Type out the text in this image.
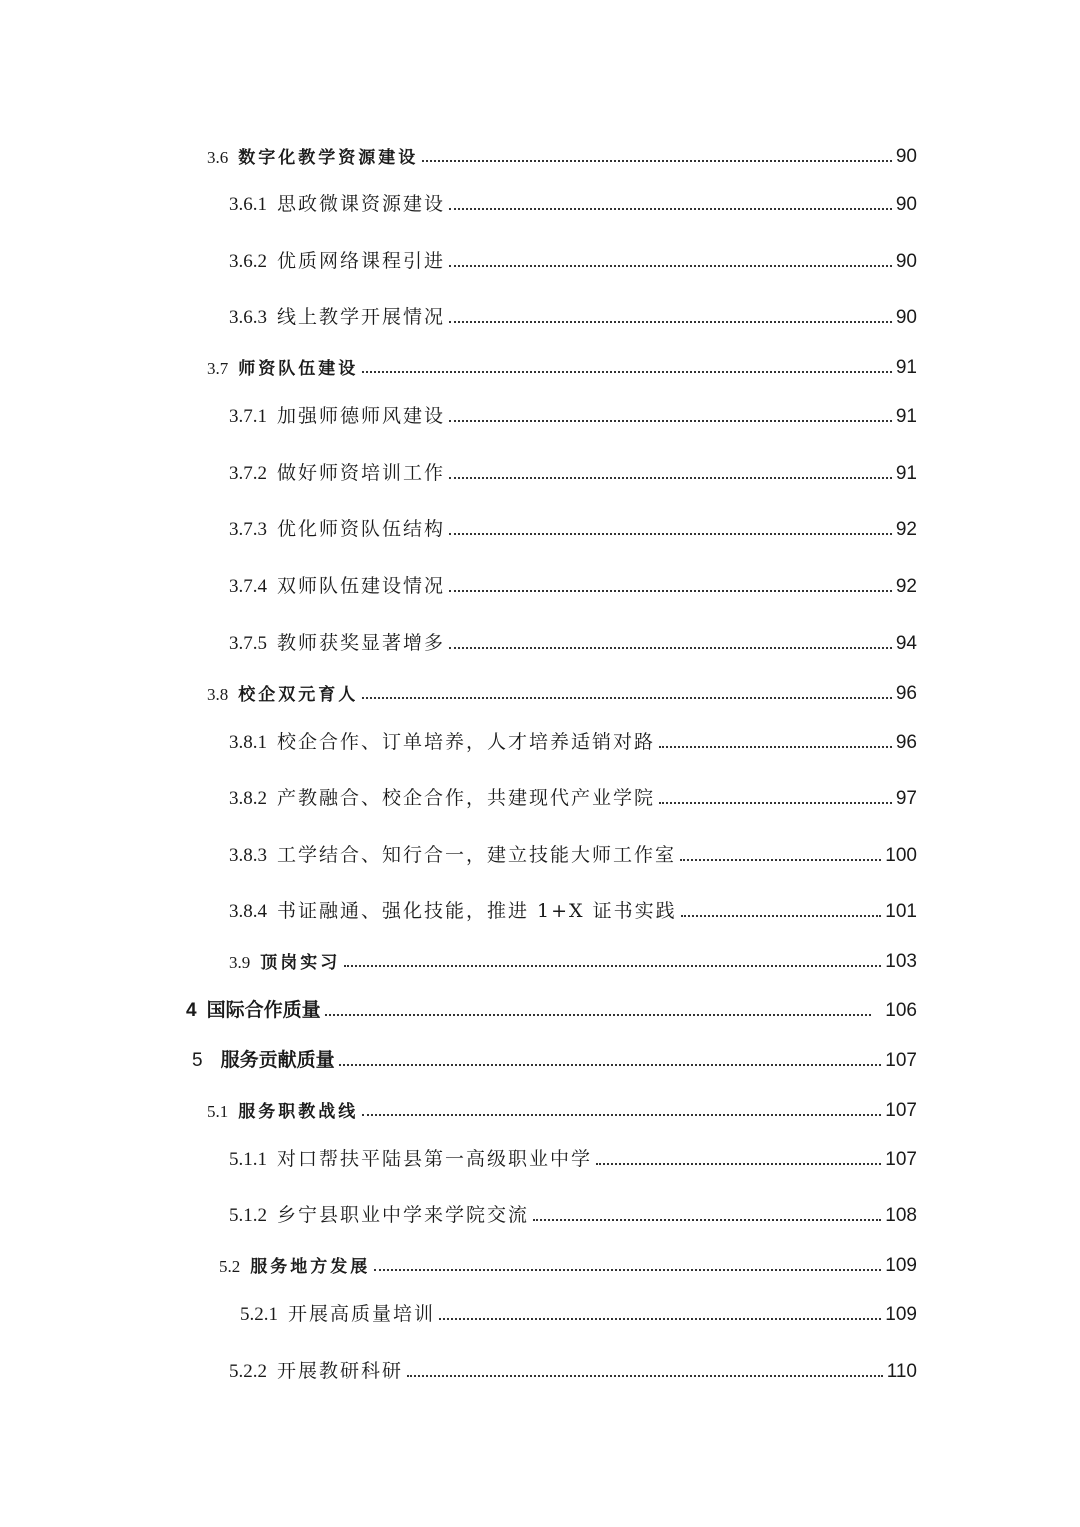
3.6 数字化教学资源建设	90
3.6.1 思政微课资源建设	90
3.6.2 优质网络课程引进	90
3.6.3 线上教学开展情况	90
3.7 师资队伍建设	91
3.7.1 加强师德师风建设	91
3.7.2 做好师资培训工作	91
3.7.3 优化师资队伍结构	92
3.7.4 双师队伍建设情况	92
3.7.5 教师获奖显著增多	94
3.8 校企双元育人	96
3.8.1 校企合作、订单培养，人才培养适销对路	96
3.8.2 产教融合、校企合作，共建现代产业学院	97
3.8.3 工学结合、知行合一，建立技能大师工作室	100
3.8.4 书证融通、强化技能，推进 1+X 证书实践	101
3.9 顶岗实习	103
4 国际合作质量	106
5 服务贡献质量	107
5.1 服务职教战线	107
5.1.1 对口帮扶平陆县第一高级职业中学	107
5.1.2 乡宁县职业中学来学院交流	108
5.2 服务地方发展	109
5.2.1 开展高质量培训	109
5.2.2 开展教研科研	110
